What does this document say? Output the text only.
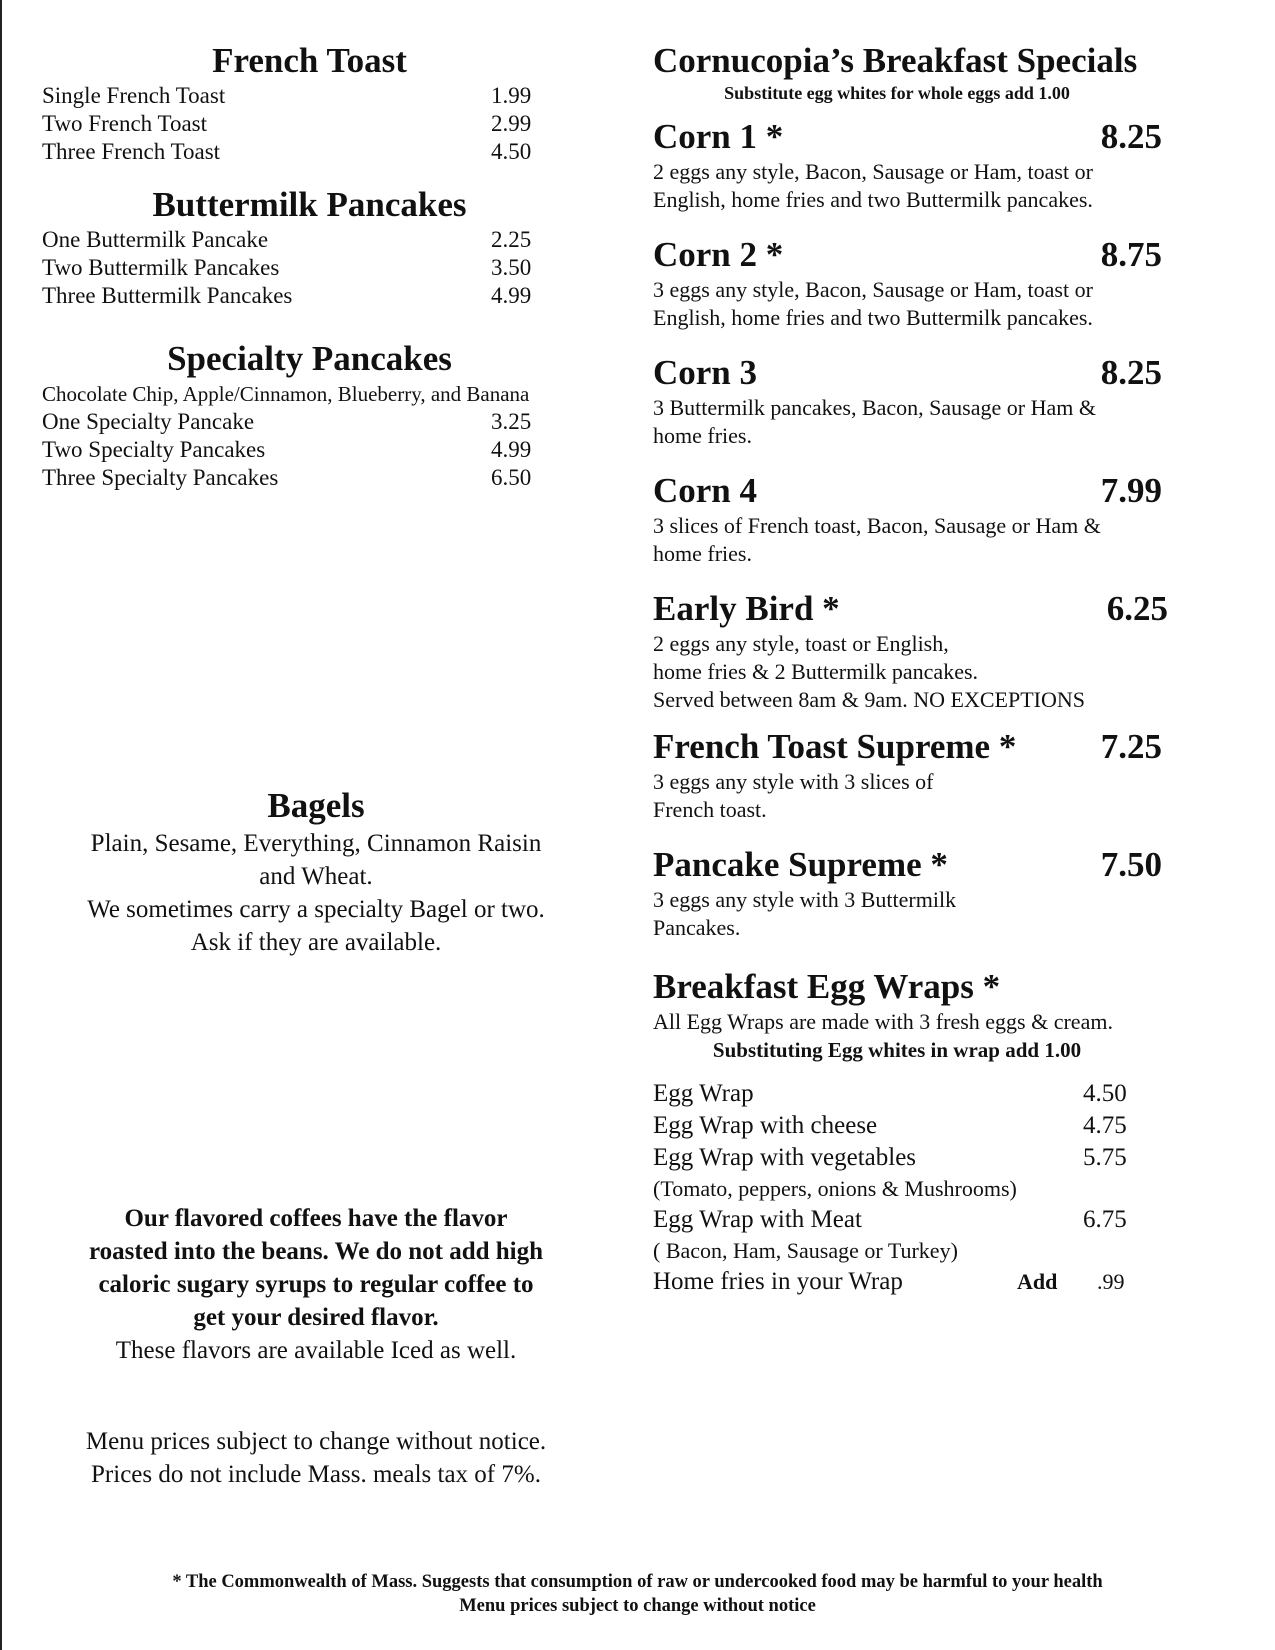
French Toast
Single French Toast	1.99
Two French Toast	2.99
Three French Toast	4.50
Buttermilk Pancakes
One Buttermilk Pancake	2.25
Two Buttermilk Pancakes	3.50
Three Buttermilk Pancakes	4.99
Specialty Pancakes
Chocolate Chip, Apple/Cinnamon, Blueberry, and Banana
One Specialty Pancake	3.25
Two Specialty Pancakes	4.99
Three Specialty Pancakes	6.50
Bagels
Plain, Sesame, Everything, Cinnamon Raisin
and Wheat.
We sometimes carry a specialty Bagel or two.
Ask if they are available.
Our flavored coffees have the flavor
roasted into the beans. We do not add high
caloric sugary syrups to regular coffee to
get your desired flavor.
These flavors are available Iced as well.
Menu prices subject to change without notice.
Prices do not include Mass. meals tax of 7%.
Cornucopia’s Breakfast Specials
Substitute egg whites for whole eggs add 1.00
Corn 1 *	8.25
2 eggs any style, Bacon, Sausage or Ham, toast or
English, home fries and two Buttermilk pancakes.
Corn 2 *	8.75
3 eggs any style, Bacon, Sausage or Ham, toast or
English, home fries and two Buttermilk pancakes.
Corn 3	8.25
3 Buttermilk pancakes, Bacon, Sausage or Ham &
home fries.
Corn 4	7.99
3 slices of French toast, Bacon, Sausage or Ham &
home fries.
Early Bird *	6.25
2 eggs any style, toast or English,
home fries & 2 Buttermilk pancakes.
Served between 8am & 9am. NO EXCEPTIONS
French Toast Supreme * 7.25
3 eggs any style with 3 slices of
French toast.
Pancake Supreme *	7.50
3 eggs any style with 3 Buttermilk
Pancakes.
Breakfast Egg Wraps *
All Egg Wraps are made with 3 fresh eggs & cream.
Substituting Egg whites in wrap add 1.00
Egg Wrap	4.50
Egg Wrap with cheese	4.75
Egg Wrap with vegetables	5.75
(Tomato, peppers, onions & Mushrooms)
Egg Wrap with Meat	6.75
( Bacon, Ham, Sausage or Turkey)
Home fries in your Wrap	Add	.99
* The Commonwealth of Mass. Suggests that consumption of raw or undercooked food may be harmful to your health
Menu prices subject to change without notice
